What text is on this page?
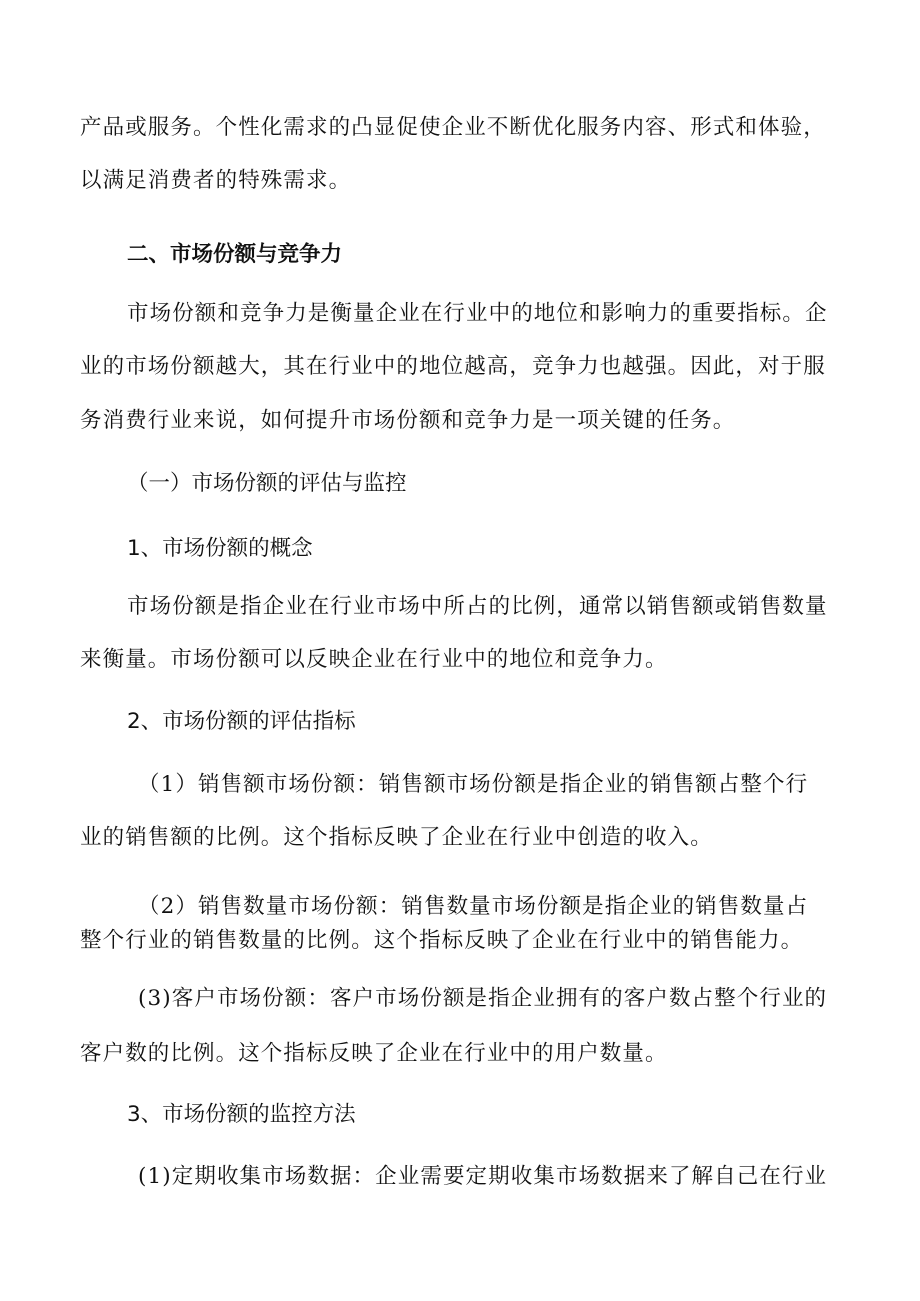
产品或服务。个性化需求的凸显促使企业不断优化服务内容、形式和体验，
以满足消费者的特殊需求。
二、市场份额与竞争力
市场份额和竞争力是衡量企业在行业中的地位和影响力的重要指标。企
业的市场份额越大，其在行业中的地位越高，竞争力也越强。因此，对于服
务消费行业来说，如何提升市场份额和竞争力是一项关键的任务。
（一）市场份额的评估与监控
1、市场份额的概念
市场份额是指企业在行业市场中所占的比例，通常以销售额或销售数量
来衡量。市场份额可以反映企业在行业中的地位和竞争力。
2、市场份额的评估指标
（1）销售额市场份额：销售额市场份额是指企业的销售额占整个行
业的销售额的比例。这个指标反映了企业在行业中创造的收入。
（2）销售数量市场份额：销售数量市场份额是指企业的销售数量占
整个行业的销售数量的比例。这个指标反映了企业在行业中的销售能力。
(3)客户市场份额：客户市场份额是指企业拥有的客户数占整个行业的
客户数的比例。这个指标反映了企业在行业中的用户数量。
3、市场份额的监控方法
(1)定期收集市场数据：企业需要定期收集市场数据来了解自己在行业
